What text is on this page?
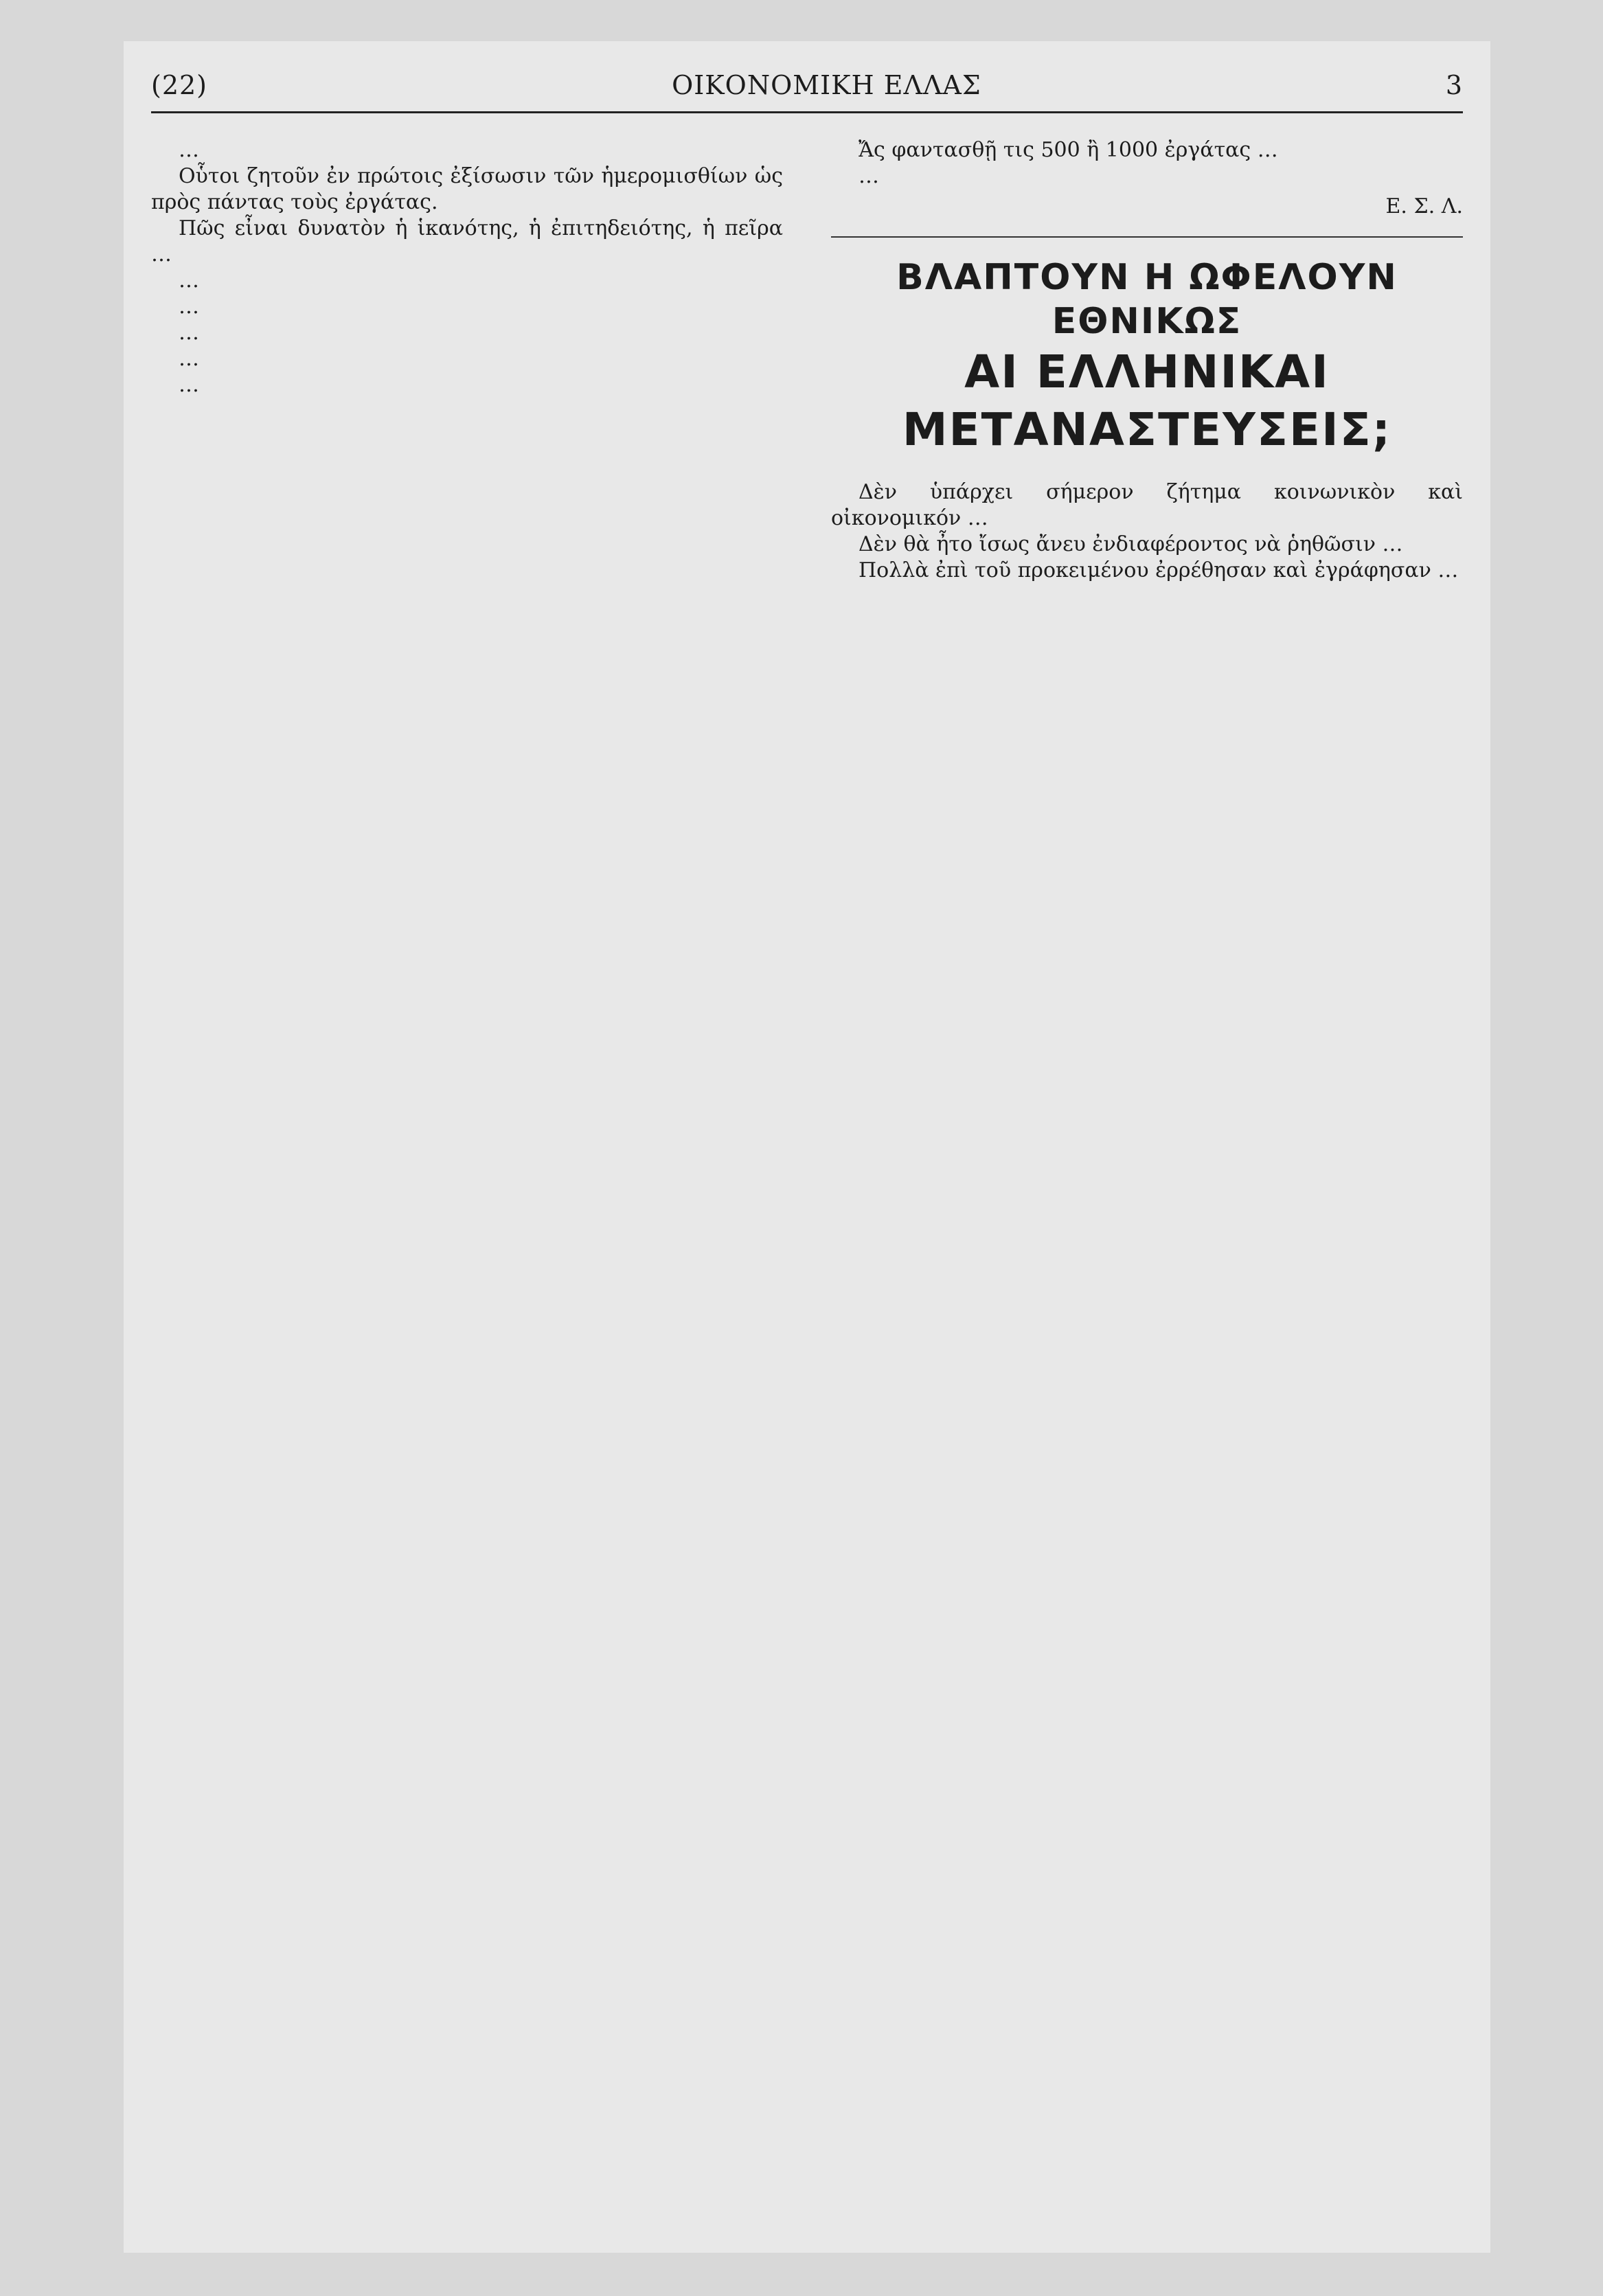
(22)	ΟΙΚΟΝΟΜΙΚΗ ΕΛΛΑΣ	3

…

Οὗτοι ζητοῦν ἐν πρώτοις ἐξίσωσιν τῶν ἡμερομισθίων ὡς πρὸς πάντας τοὺς ἐργάτας.

Πῶς εἶναι δυνατὸν ἡ ἱκανότης, ἡ ἐπιτηδειότης, ἡ πεῖρα …

…

…

…

…

…

Ἄς φαντασθῇ τις 500 ἢ 1000 ἐργάτας …

…

Ε. Σ. Λ.
ΒΛΑΠΤΟΥΝ Η ΩΦΕΛΟΥΝ ΕΘΝΙΚΩΣ
ΑΙ ΕΛΛΗΝΙΚΑΙ ΜΕΤΑΝΑΣΤΕΥΣΕΙΣ;

Δὲν ὑπάρχει σήμερον ζήτημα κοινωνικὸν καὶ οἰκονομικόν …

Δὲν θὰ ἦτο ἴσως ἄνευ ἐνδιαφέροντος νὰ ῥηθῶσιν …

Πολλὰ ἐπὶ τοῦ προκειμένου ἐρρέθησαν καὶ ἐγράφησαν …
